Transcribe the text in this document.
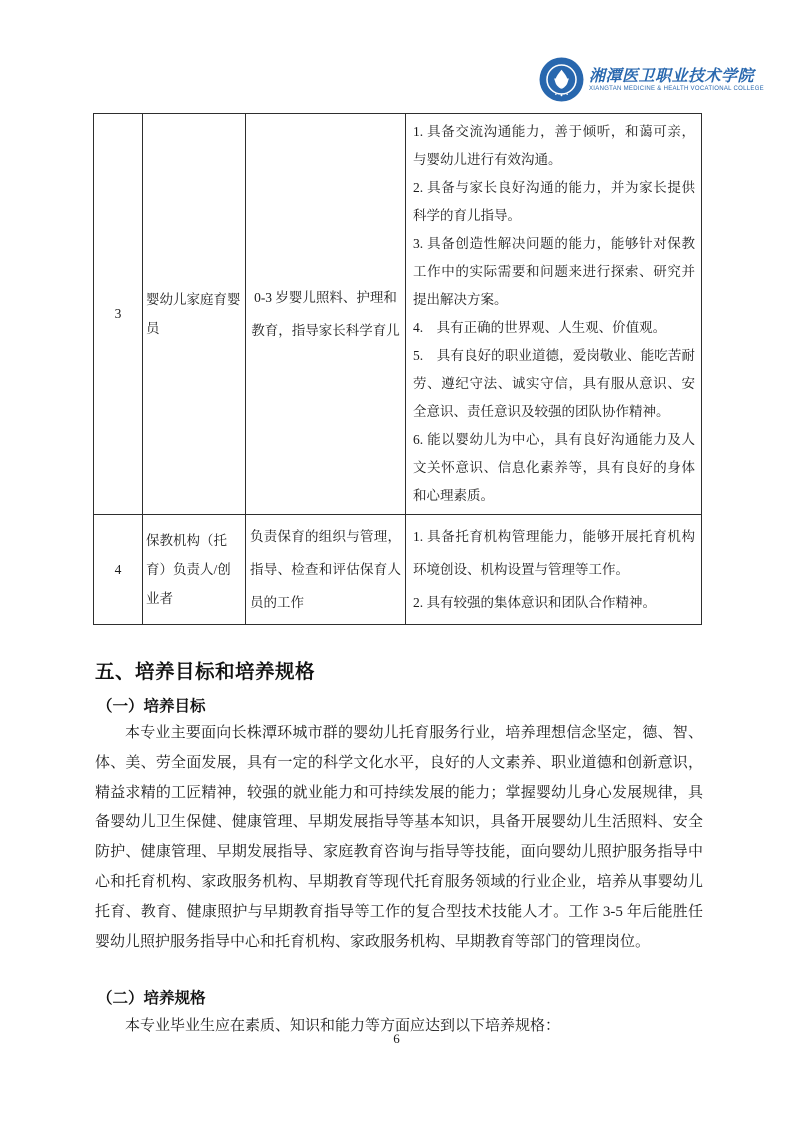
湘潭医卫职业技术学院
XIANGTAN MEDICINE & HEALTH VOCATIONAL COLLEGE
3	婴幼儿家庭育婴员	0-3 岁婴儿照料、护理和教育，指导家长科学育儿	

1. 具备交流沟通能力，善于倾听，和蔼可亲，与婴幼儿进行有效沟通。

2. 具备与家长良好沟通的能力，并为家长提供科学的育儿指导。

3. 具备创造性解决问题的能力，能够针对保教工作中的实际需要和问题来进行探索、研究并提出解决方案。

4.　具有正确的世界观、人生观、价值观。

5.　具有良好的职业道德，爱岗敬业、能吃苦耐劳、遵纪守法、诚实守信，具有服从意识、安全意识、责任意识及较强的团队协作精神。

6. 能以婴幼儿为中心，具有良好沟通能力及人文关怀意识、信息化素养等，具有良好的身体和心理素质。

4	保教机构（托育）负责人/创业者	负责保育的组织与管理，指导、检查和评估保育人员的工作	1. 具备托育机构管理能力，能够开展托育机构环境创设、机构设置与管理等工作。

2. 具有较强的集体意识和团队合作精神。

五、培养目标和培养规格
（一）培养目标

本专业主要面向长株潭环城市群的婴幼儿托育服务行业，培养理想信念坚定，德、智、体、美、劳全面发展，具有一定的科学文化水平，良好的人文素养、职业道德和创新意识，精益求精的工匠精神，较强的就业能力和可持续发展的能力；掌握婴幼儿身心发展规律，具备婴幼儿卫生保健、健康管理、早期发展指导等基本知识，具备开展婴幼儿生活照料、安全防护、健康管理、早期发展指导、家庭教育咨询与指导等技能，面向婴幼儿照护服务指导中心和托育机构、家政服务机构、早期教育等现代托育服务领域的行业企业，培养从事婴幼儿托育、教育、健康照护与早期教育指导等工作的复合型技术技能人才。工作 3-5 年后能胜任婴幼儿照护服务指导中心和托育机构、家政服务机构、早期教育等部门的管理岗位。

（二）培养规格

本专业毕业生应在素质、知识和能力等方面应达到以下培养规格：

6
